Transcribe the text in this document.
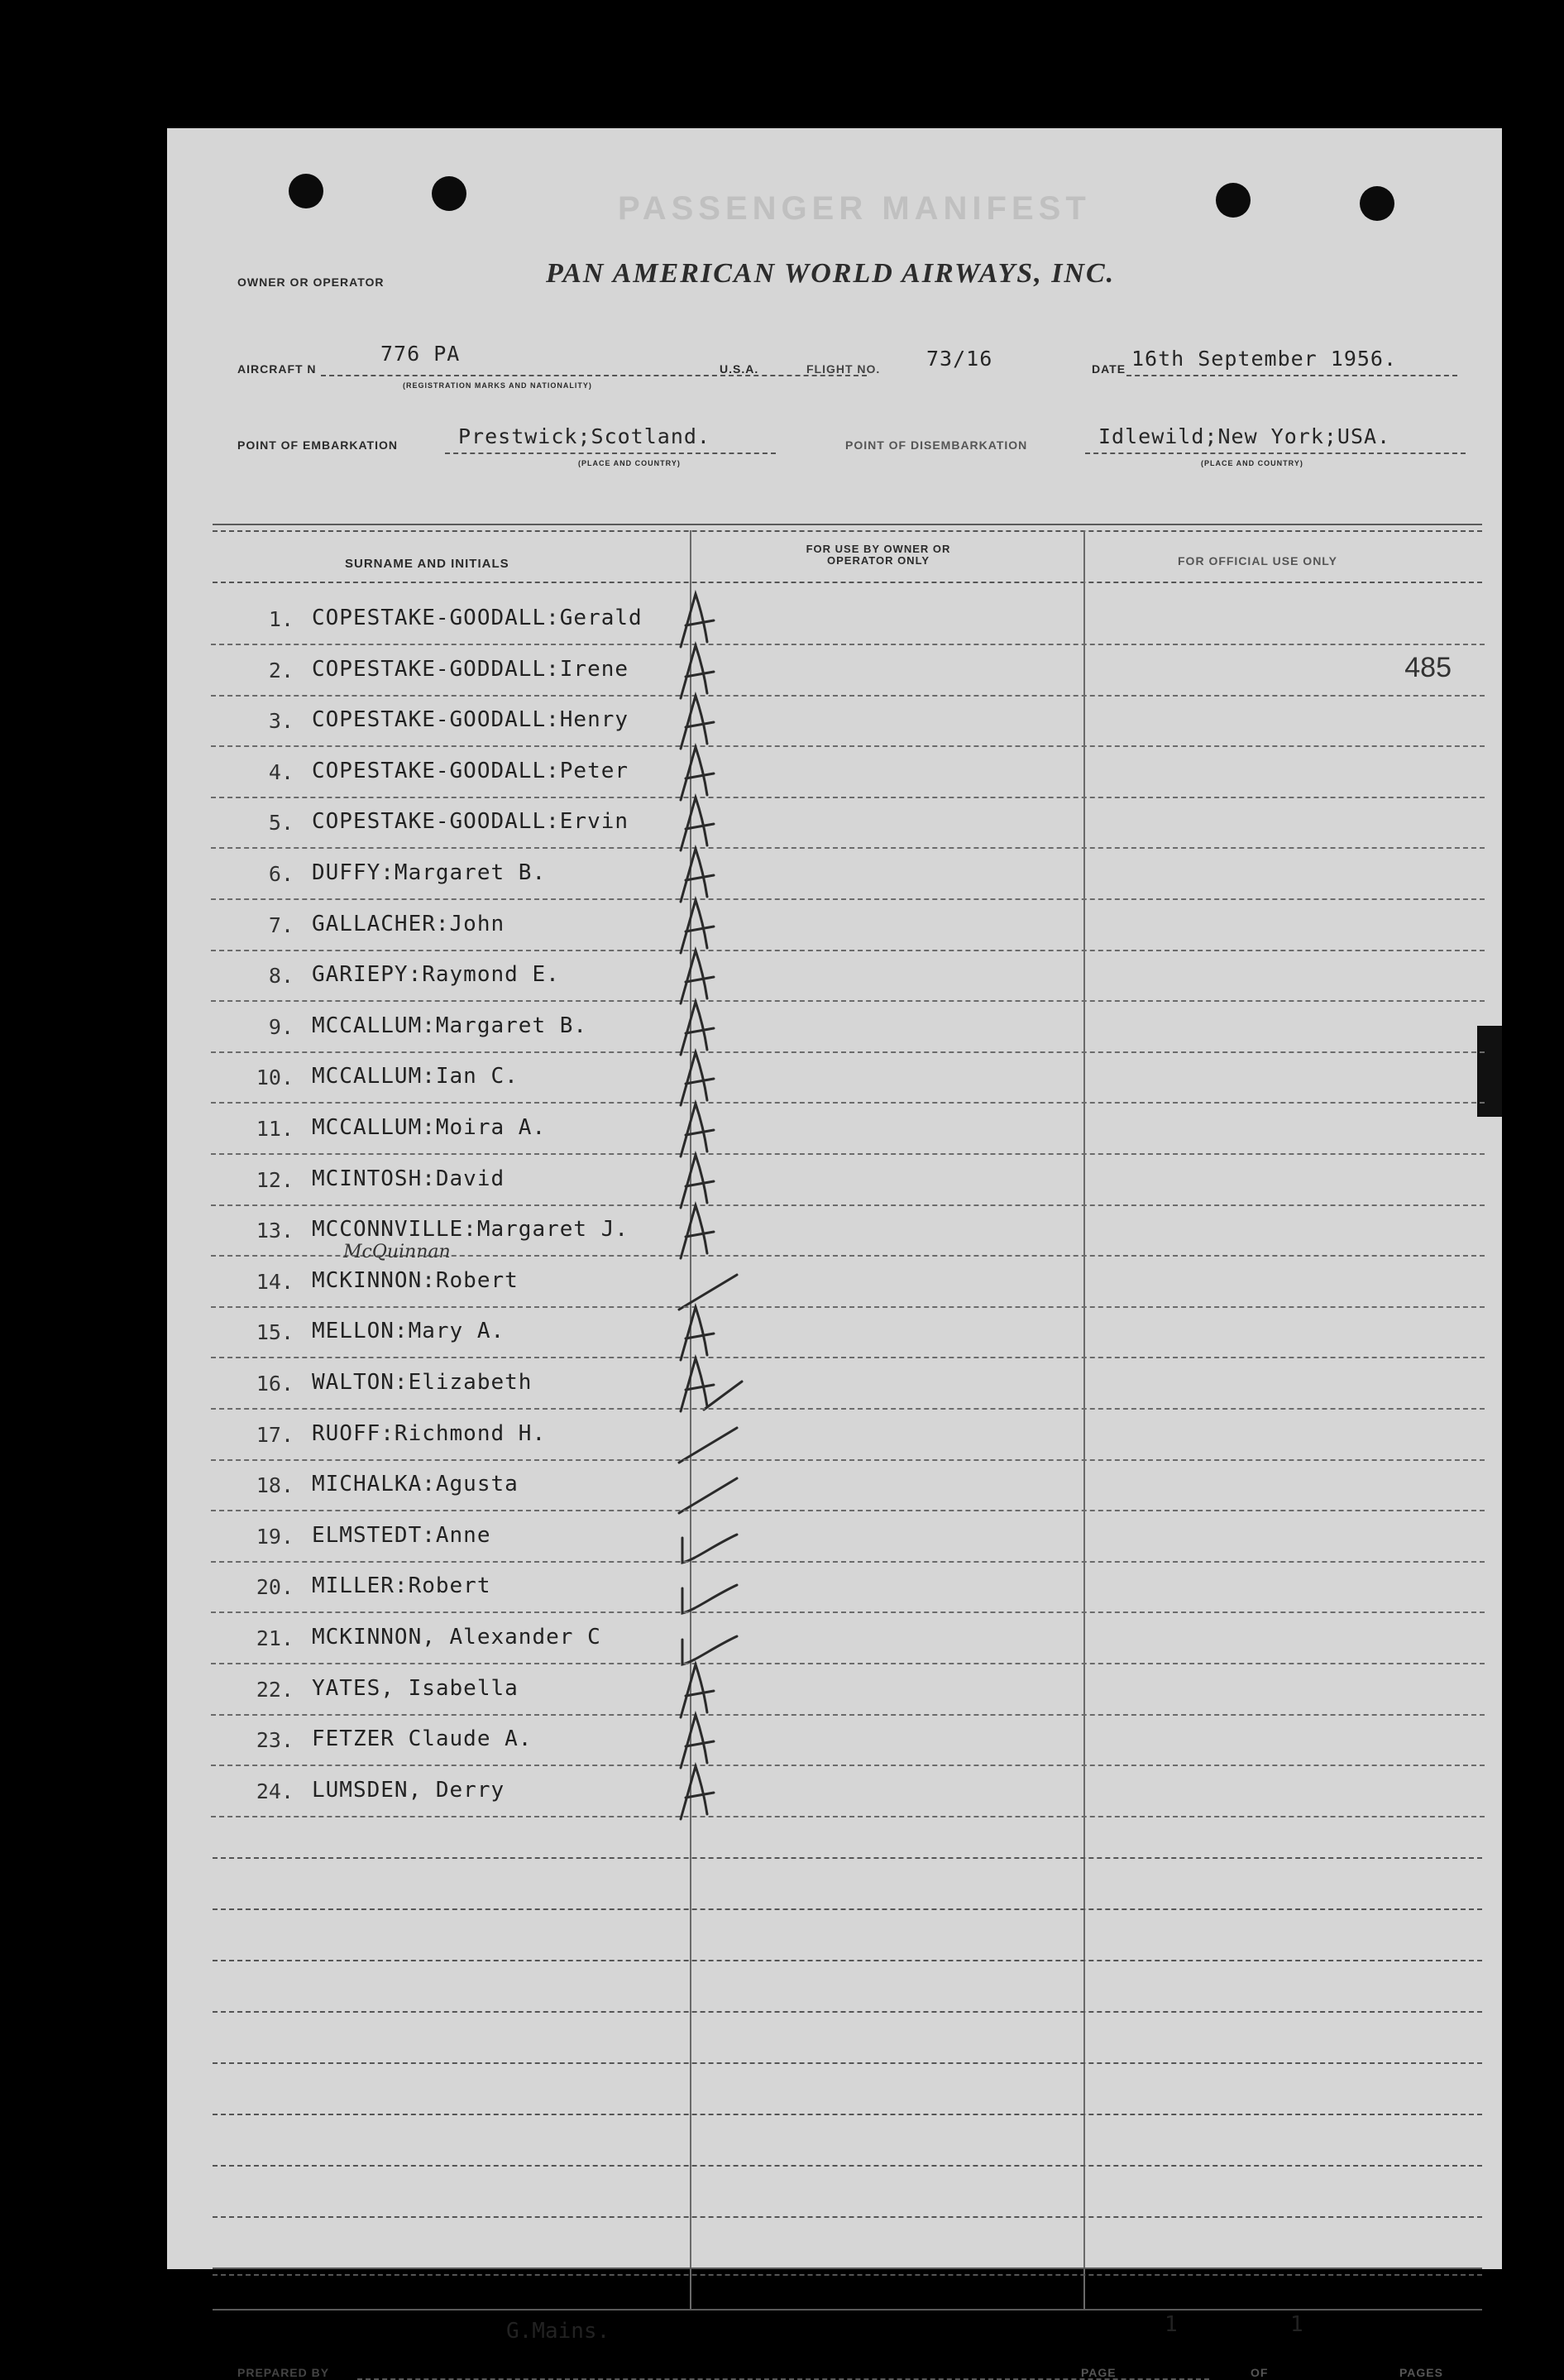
PASSENGER MANIFEST
OWNER OR OPERATOR	PAN AMERICAN WORLD AIRWAYS, INC.
AIRCRAFT N
776 PA
(REGISTRATION MARKS AND NATIONALITY)
U.S.A.	FLIGHT NO. 73/16	DATE 16th September 1956.
POINT OF EMBARKATION	Prestwick;Scotland.
(PLACE AND COUNTRY)
POINT OF DISEMBARKATION	Idlewild;New York;USA.
(PLACE AND COUNTRY)
SURNAME AND INITIALS
FOR USE BY OWNER OR OPERATOR ONLY	FOR OFFICIAL USE ONLY
G.Mains.	1	1
PREPARED BY	PAGE	OF	PAGES
1. COPESTAKE-GOODALL:Gerald
2. COPESTAKE-GODDALL:Irene	485
3. COPESTAKE-GOODALL:Henry
4. COPESTAKE-GOODALL:Peter
5. COPESTAKE-GOODALL:Ervin
6. DUFFY:Margaret B.
7. GALLACHER:John
8. GARIEPY:Raymond E.
9. MCCALLUM:Margaret B.
10. MCCALLUM:Ian C.
11. MCCALLUM:Moira A.
12. MCINTOSH:David
13. MCCONNVILLE:Margaret J.
14. MCKINNON:Robert
McQuinnan
15. MELLON:Mary A.
16. WALTON:Elizabeth
17. RUOFF:Richmond H.
18. MICHALKA:Agusta
19. ELMSTEDT:Anne
20. MILLER:Robert
21. MCKINNON, Alexander C
22. YATES, Isabella
23. FETZER Claude A.
24. LUMSDEN, Derry
